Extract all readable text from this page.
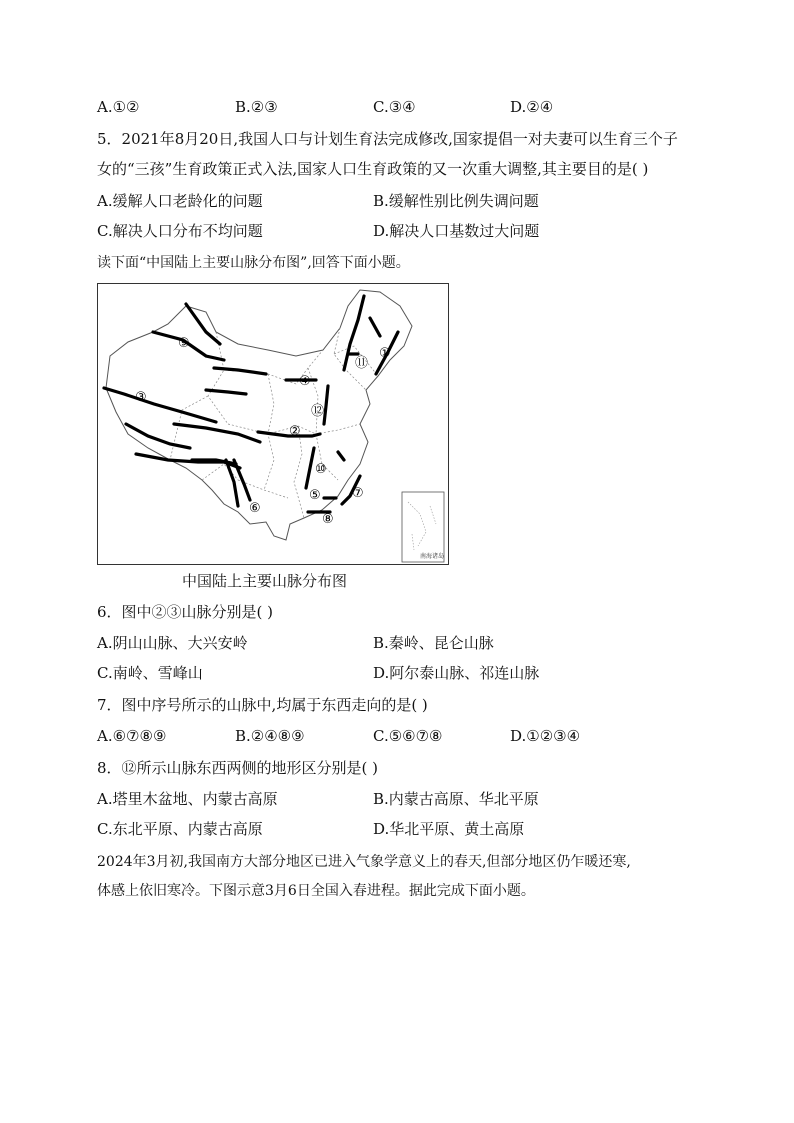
A.①②	B.②③	C.③④	D.②④
5．2021年8月20日,我国人口与计划生育法完成修改,国家提倡一对夫妻可以生育三个子
女的“三孩”生育政策正式入法,国家人口生育政策的又一次重大调整,其主要目的是( )
A.缓解人口老龄化的问题	B.缓解性别比例失调问题
C.解决人口分布不均问题	D.解决人口基数过大问题
读下面“中国陆上主要山脉分布图”,回答下面小题。
南海诸岛
⑨
③
④
②
⑫
⑩
⑤
⑥
⑦
⑧
⑪
①
中国陆上主要山脉分布图
6．图中②③山脉分别是( )
A.阴山山脉、大兴安岭	B.秦岭、昆仑山脉
C.南岭、雪峰山	D.阿尔泰山脉、祁连山脉
7．图中序号所示的山脉中,均属于东西走向的是( )
A.⑥⑦⑧⑨	B.②④⑧⑨	C.⑤⑥⑦⑧	D.①②③④
8．⑫所示山脉东西两侧的地形区分别是( )
A.塔里木盆地、内蒙古高原	B.内蒙古高原、华北平原
C.东北平原、内蒙古高原	D.华北平原、黄土高原
2024年3月初,我国南方大部分地区已进入气象学意义上的春天,但部分地区仍乍暖还寒,
体感上依旧寒冷。下图示意3月6日全国入春进程。据此完成下面小题。
